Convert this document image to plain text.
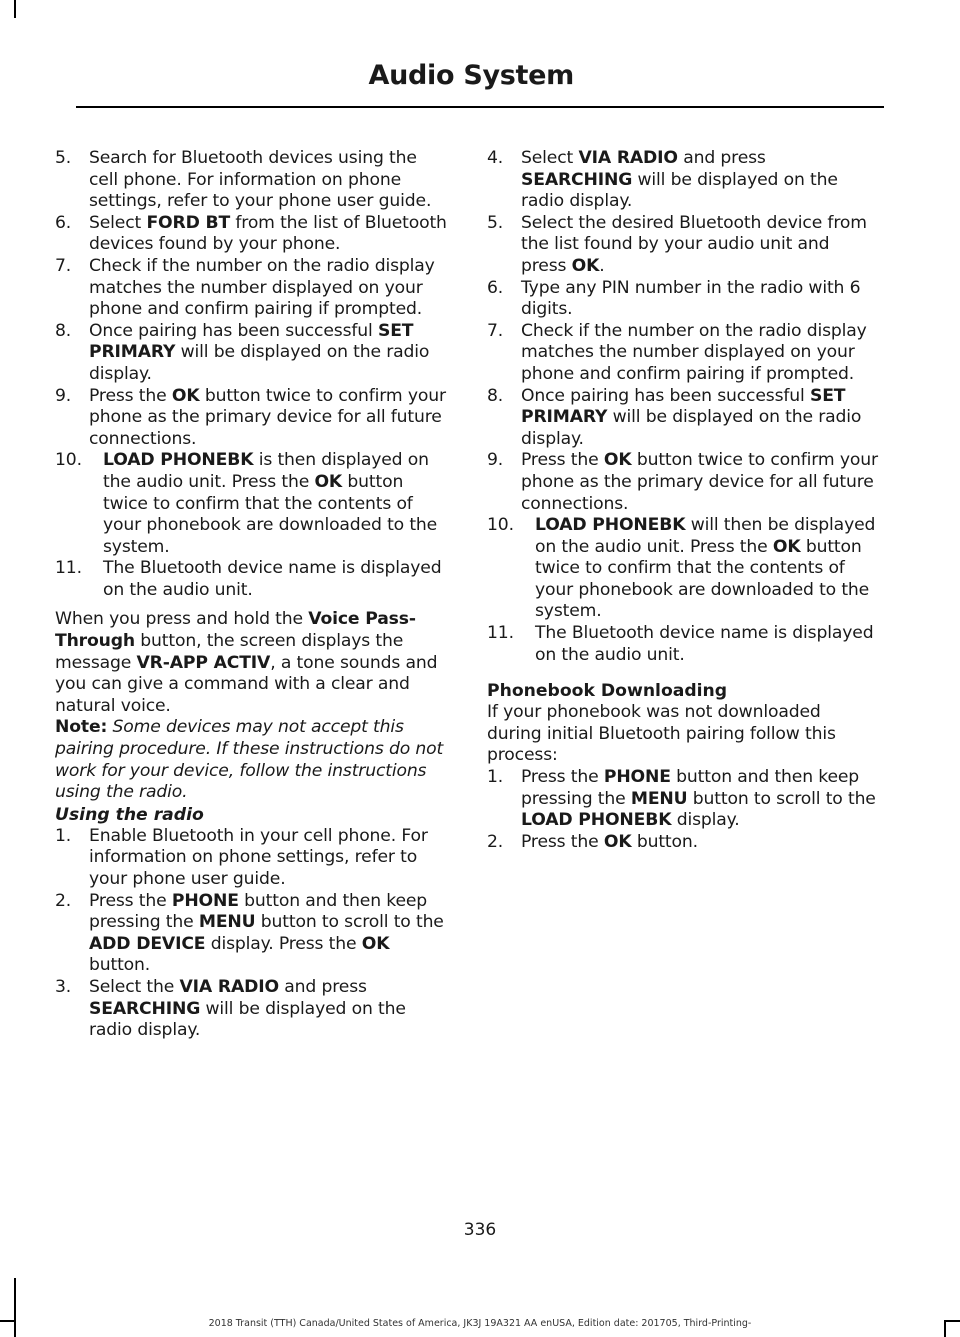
Audio System

5. Search for Bluetooth devices using the cell phone. For information on phone settings, refer to your phone user guide.

6. Select FORD BT from the list of Bluetooth devices found by your phone.

7. Check if the number on the radio display matches the number displayed on your phone and confirm pairing if prompted.

8. Once pairing has been successful SET PRIMARY will be displayed on the radio display.

9. Press the OK button twice to confirm your phone as the primary device for all future connections.

10. LOAD PHONEBK is then displayed on the audio unit. Press the OK button twice to confirm that the contents of your phonebook are downloaded to the system.

11. The Bluetooth device name is displayed on the audio unit.

When you press and hold the Voice Pass-Through button, the screen displays the message VR-APP ACTIV, a tone sounds and you can give a command with a clear and natural voice.

Note: Some devices may not accept this pairing procedure. If these instructions do not work for your device, follow the instructions using the radio.

Using the radio

1. Enable Bluetooth in your cell phone. For information on phone settings, refer to your phone user guide.

2. Press the PHONE button and then keep pressing the MENU button to scroll to the ADD DEVICE display. Press the OK button.

3. Select the VIA RADIO and press SEARCHING will be displayed on the radio display.

4. Select VIA RADIO and press SEARCHING will be displayed on the radio display.

5. Select the desired Bluetooth device from the list found by your audio unit and press OK.

6. Type any PIN number in the radio with 6 digits.

7. Check if the number on the radio display matches the number displayed on your phone and confirm pairing if prompted.

8. Once pairing has been successful SET PRIMARY will be displayed on the radio display.

9. Press the OK button twice to confirm your phone as the primary device for all future connections.

10. LOAD PHONEBK will then be displayed on the audio unit. Press the OK button twice to confirm that the contents of your phonebook are downloaded to the system.

11. The Bluetooth device name is displayed on the audio unit.

Phonebook Downloading

If your phonebook was not downloaded during initial Bluetooth pairing follow this process:

1. Press the PHONE button and then keep pressing the MENU button to scroll to the LOAD PHONEBK display.

2. Press the OK button.

336
2018 Transit (TTH) Canada/United States of America, JK3J 19A321 AA enUSA, Edition date: 201705, Third-Printing-
